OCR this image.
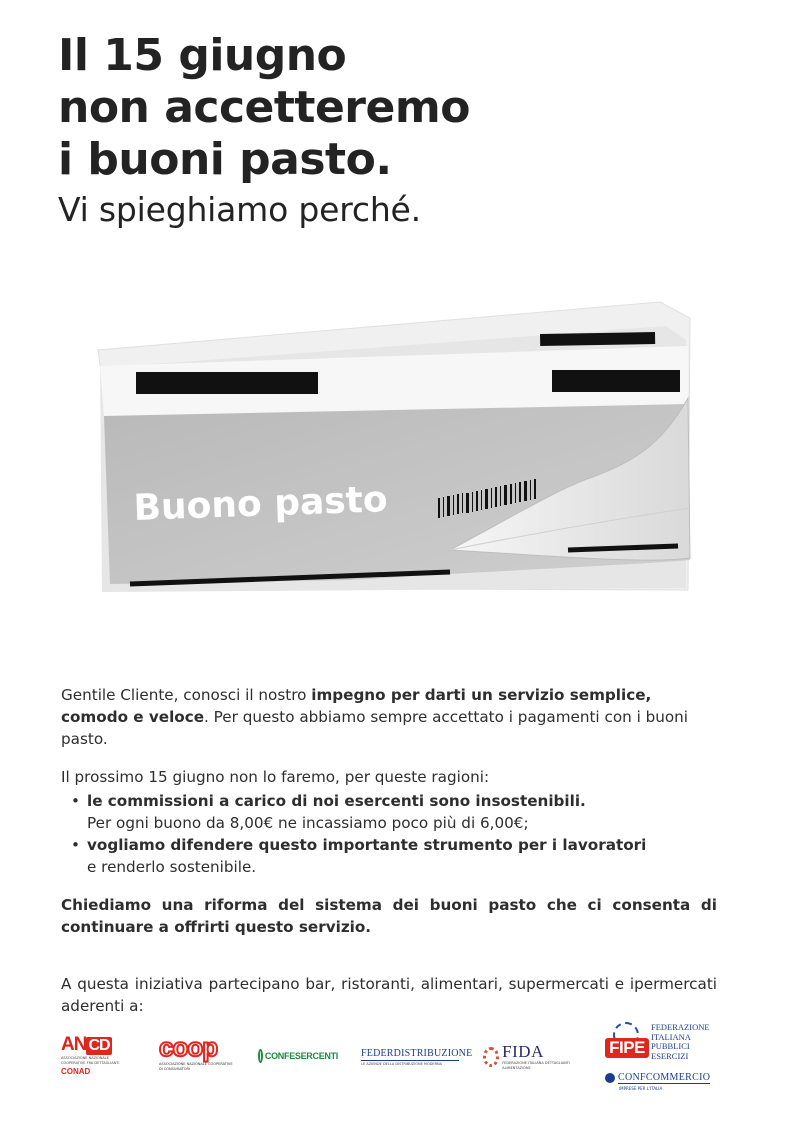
Il 15 giugno
non accetteremo
i buoni pasto.
Vi spieghiamo perché.
Buono pasto

Gentile Cliente, conosci il nostro impegno per darti un servizio semplice, comodo e veloce. Per questo abbiamo sempre accettato i pagamenti con i buoni pasto.

Il prossimo 15 giugno non lo faremo, per queste ragioni:

• le commissioni a carico di noi esercenti sono insostenibili.
Per ogni buono da 8,00€ ne incassiamo poco più di 6,00€;
• vogliamo difendere questo importante strumento per i lavoratori
e renderlo sostenibile.

Chiediamo una riforma del sistema dei buoni pasto che ci consenta di continuare a offrirti questo servizio.

A questa iniziativa partecipano bar, ristoranti, alimentari, supermercati e ipermercati aderenti a:

AN CD
ASSOCIAZIONE NAZIONALE COOPERATIVE FRA DETTAGLIANTI
CONAD
coop
ASSOCIAZIONE NAZIONALE COOPERATIVE DI CONSUMATORI
CONFESERCENTI FEDERDISTRIBUZIONE
LE AZIENDE DELLA DISTRIBUZIONE MODERNA
FIDA
FEDERAZIONE ITALIANA DETTAGLIANTI ALIMENTAZIONE
FIPE
FEDERAZIONE
ITALIANA
PUBBLICI
ESERCIZI
CONFCOMMERCIO
IMPRESE PER L'ITALIA
